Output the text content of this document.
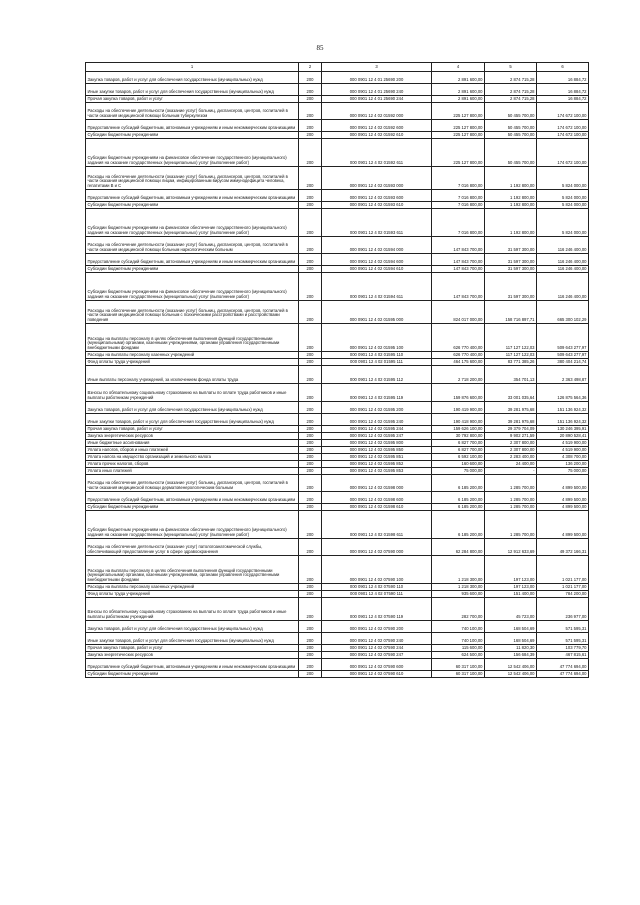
85
1	2	3	4	5	6
Закупка товаров, работ и услуг для обеспечения государственных (муниципальных) нужд	200	000 0901 12 4 01 25690 200	2 891 600,00	2 874 715,28	16 884,72
Иные закупки товаров, работ и услуг для обеспечения государственных (муниципальных) нужд	200	000 0901 12 4 01 25690 240	2 891 600,00	2 874 715,28	16 884,72
Прочая закупка товаров, работ и услуг	200	000 0901 12 4 01 25690 244	2 891 600,00	2 874 715,28	16 884,72
Расходы на обеспечение деятельности (оказание услуг) больниц, диспансеров, центров, госпиталей в части оказания медицинской помощи больным туберкулезом	200	000 0901 12 4 02 01592 000	225 127 800,00	50 455 700,00	174 672 100,00
Предоставление субсидий бюджетным, автономным учреждениям и иным некоммерческим организациям	200	000 0901 12 4 02 01592 600	225 127 800,00	50 455 700,00	174 672 100,00
Субсидии бюджетным учреждениям	200	000 0901 12 4 02 01592 610	225 127 800,00	50 455 700,00	174 672 100,00
Субсидии бюджетным учреждениям на финансовое обеспечение государственного (муниципального) задания на оказание государственных (муниципальных) услуг (выполнение работ)	200	000 0901 12 4 02 01592 611	225 127 800,00	50 455 700,00	174 672 100,00
Расходы на обеспечение деятельности (оказание услуг) больниц, диспансеров, центров, госпиталей в части оказания медицинской помощи лицам, инфицированным вирусом иммунодефицита человека, гепатитами В и С	200	000 0901 12 4 02 01593 000	7 016 800,00	1 192 800,00	5 824 000,00
Предоставление субсидий бюджетным, автономным учреждениям и иным некоммерческим организациям	200	000 0901 12 4 02 01593 600	7 016 800,00	1 192 800,00	5 824 000,00
Субсидии бюджетным учреждениям	200	000 0901 12 4 02 01593 610	7 016 800,00	1 192 800,00	5 824 000,00
Субсидии бюджетным учреждениям на финансовое обеспечение государственного (муниципального) задания на оказание государственных (муниципальных) услуг (выполнение работ)	200	000 0901 12 4 02 01593 611	7 016 800,00	1 192 800,00	5 824 000,00
Расходы на обеспечение деятельности (оказание услуг) больниц, диспансеров, центров, госпиталей в части оказания медицинской помощи больным наркологическим больным	200	000 0901 12 4 02 01594 000	147 843 700,00	31 597 300,00	116 246 400,00
Предоставление субсидий бюджетным, автономным учреждениям и иным некоммерческим организациям	200	000 0901 12 4 02 01594 600	147 843 700,00	31 597 300,00	116 246 400,00
Субсидии бюджетным учреждениям	200	000 0901 12 4 02 01594 610	147 843 700,00	31 597 300,00	116 246 400,00
Субсидии бюджетным учреждениям на финансовое обеспечение государственного (муниципального) задания на оказание государственных (муниципальных) услуг (выполнение работ)	200	000 0901 12 4 02 01594 611	147 843 700,00	31 597 300,00	116 246 400,00
Расходы на обеспечение деятельности (оказание услуг) больниц, диспансеров, центров, госпиталей в части оказания медицинской помощи больным с психическими расстройствами и расстройствами поведения	200	000 0901 12 4 02 01595 000	824 017 000,00	158 716 897,71	665 300 102,29
Расходы на выплаты персоналу в целях обеспечения выполнения функций государственными (муниципальными) органами, казенными учреждениями, органами управления государственными внебюджетными фондами	200	000 0901 12 4 02 01595 100	626 770 400,00	117 127 122,03	509 643 277,97
Расходы на выплаты персоналу казенных учреждений	200	000 0901 12 4 02 01595 110	626 770 400,00	117 127 122,03	509 643 277,97
Фонд оплаты труда учреждений	200	000 0901 12 4 02 01595 111	464 175 600,00	83 771 385,26	380 404 214,74
Иные выплаты персоналу учреждений, за исключением фонда оплаты труда	200	000 0901 12 4 02 01595 112	2 718 200,00	354 701,13	2 363 498,87
Взносы по обязательному социальному страхованию на выплаты по оплате труда работников и иные выплаты работникам учреждений	200	000 0901 12 4 02 01595 119	159 876 600,00	33 001 035,64	126 875 564,36
Закупка товаров, работ и услуг для обеспечения государственных (муниципальных) нужд	200	000 0901 12 4 02 01595 200	190 419 900,00	39 281 975,68	151 136 924,32
Иные закупки товаров, работ и услуг для обеспечения государственных (муниципальных) нужд	200	000 0901 12 4 02 01595 240	190 418 900,00	39 281 975,68	151 136 924,32
Прочая закупка товаров, работ и услуг	200	000 0901 12 4 02 01595 244	159 626 100,00	29 379 704,09	130 246 395,91
Закупка энергетических ресурсов	200	000 0901 12 4 02 01595 247	30 792 800,00	9 902 271,59	20 890 528,41
Иные бюджетные ассигнования	200	000 0901 12 4 02 01595 800	6 827 700,00	2 307 800,00	4 519 900,00
Уплата налогов, сборов и иных платежей	200	000 0901 12 4 02 01595 850	6 827 700,00	2 307 800,00	4 519 900,00
Уплата налога на имущество организаций и земельного налога	200	000 0901 12 4 02 01595 851	6 592 100,00	2 283 400,00	4 308 700,00
Уплата прочих налогов, сборов	200	000 0901 12 4 02 01595 852	160 600,00	24 400,00	136 200,00
Уплата иных платежей	200	000 0901 12 4 02 01595 853	75 000,00	-	75 000,00
Расходы на обеспечение деятельности (оказание услуг) больниц, диспансеров, центров, госпиталей в части оказания медицинской помощи дерматовенерологическим больным	200	000 0901 12 4 02 01598 000	6 185 200,00	1 285 700,00	4 899 500,00
Предоставление субсидий бюджетным, автономным учреждениям и иным некоммерческим организациям	200	000 0901 12 4 02 01598 600	6 185 200,00	1 285 700,00	4 899 500,00
Субсидии бюджетным учреждениям	200	000 0901 12 4 02 01598 610	6 185 200,00	1 285 700,00	4 899 500,00
Субсидии бюджетным учреждениям на финансовое обеспечение государственного (муниципального) задания на оказание государственных (муниципальных) услуг (выполнение работ)	200	000 0901 12 4 02 01598 611	6 185 200,00	1 285 700,00	4 899 500,00
Расходы на обеспечение деятельности (оказание услуг) патологоанатомической службы, обеспечивающей предоставление услуг в сфере здравоохранения	200	000 0901 12 4 02 07590 000	62 284 800,00	12 912 633,69	49 372 166,31
Расходы на выплаты персоналу в целях обеспечения выполнения функций государственными (муниципальными) органами, казенными учреждениями, органами управления государственными внебюджетными фондами	200	000 0901 12 4 02 07590 100	1 218 300,00	197 123,00	1 021 177,00
Расходы на выплаты персоналу казенных учреждений	200	000 0901 12 4 02 07590 110	1 218 300,00	197 123,00	1 021 177,00
Фонд оплаты труда учреждений	200	000 0901 12 4 02 07590 111	935 600,00	151 400,00	784 200,00
Взносы по обязательному социальному страхованию на выплаты по оплате труда работников и иные выплаты работникам учреждений	200	000 0901 12 4 02 07590 119	282 700,00	45 723,00	236 977,00
Закупка товаров, работ и услуг для обеспечения государственных (муниципальных) нужд	200	000 0901 12 4 02 07590 200	740 100,00	168 504,69	571 595,31
Иные закупки товаров, работ и услуг для обеспечения государственных (муниципальных) нужд	200	000 0901 12 4 02 07590 240	740 100,00	168 504,69	571 595,31
Прочая закупка товаров, работ и услуг	200	000 0901 12 4 02 07590 244	115 600,00	11 820,30	103 779,70
Закупка энергетических ресурсов	200	000 0901 12 4 02 07590 247	624 500,00	156 684,39	467 815,61
Предоставление субсидий бюджетным, автономным учреждениям и иным некоммерческим организациям	200	000 0901 12 4 02 07590 600	60 317 100,00	12 542 406,00	47 774 694,00
Субсидии бюджетным учреждениям	200	000 0901 12 4 02 07590 610	60 317 100,00	12 542 406,00	47 774 694,00
